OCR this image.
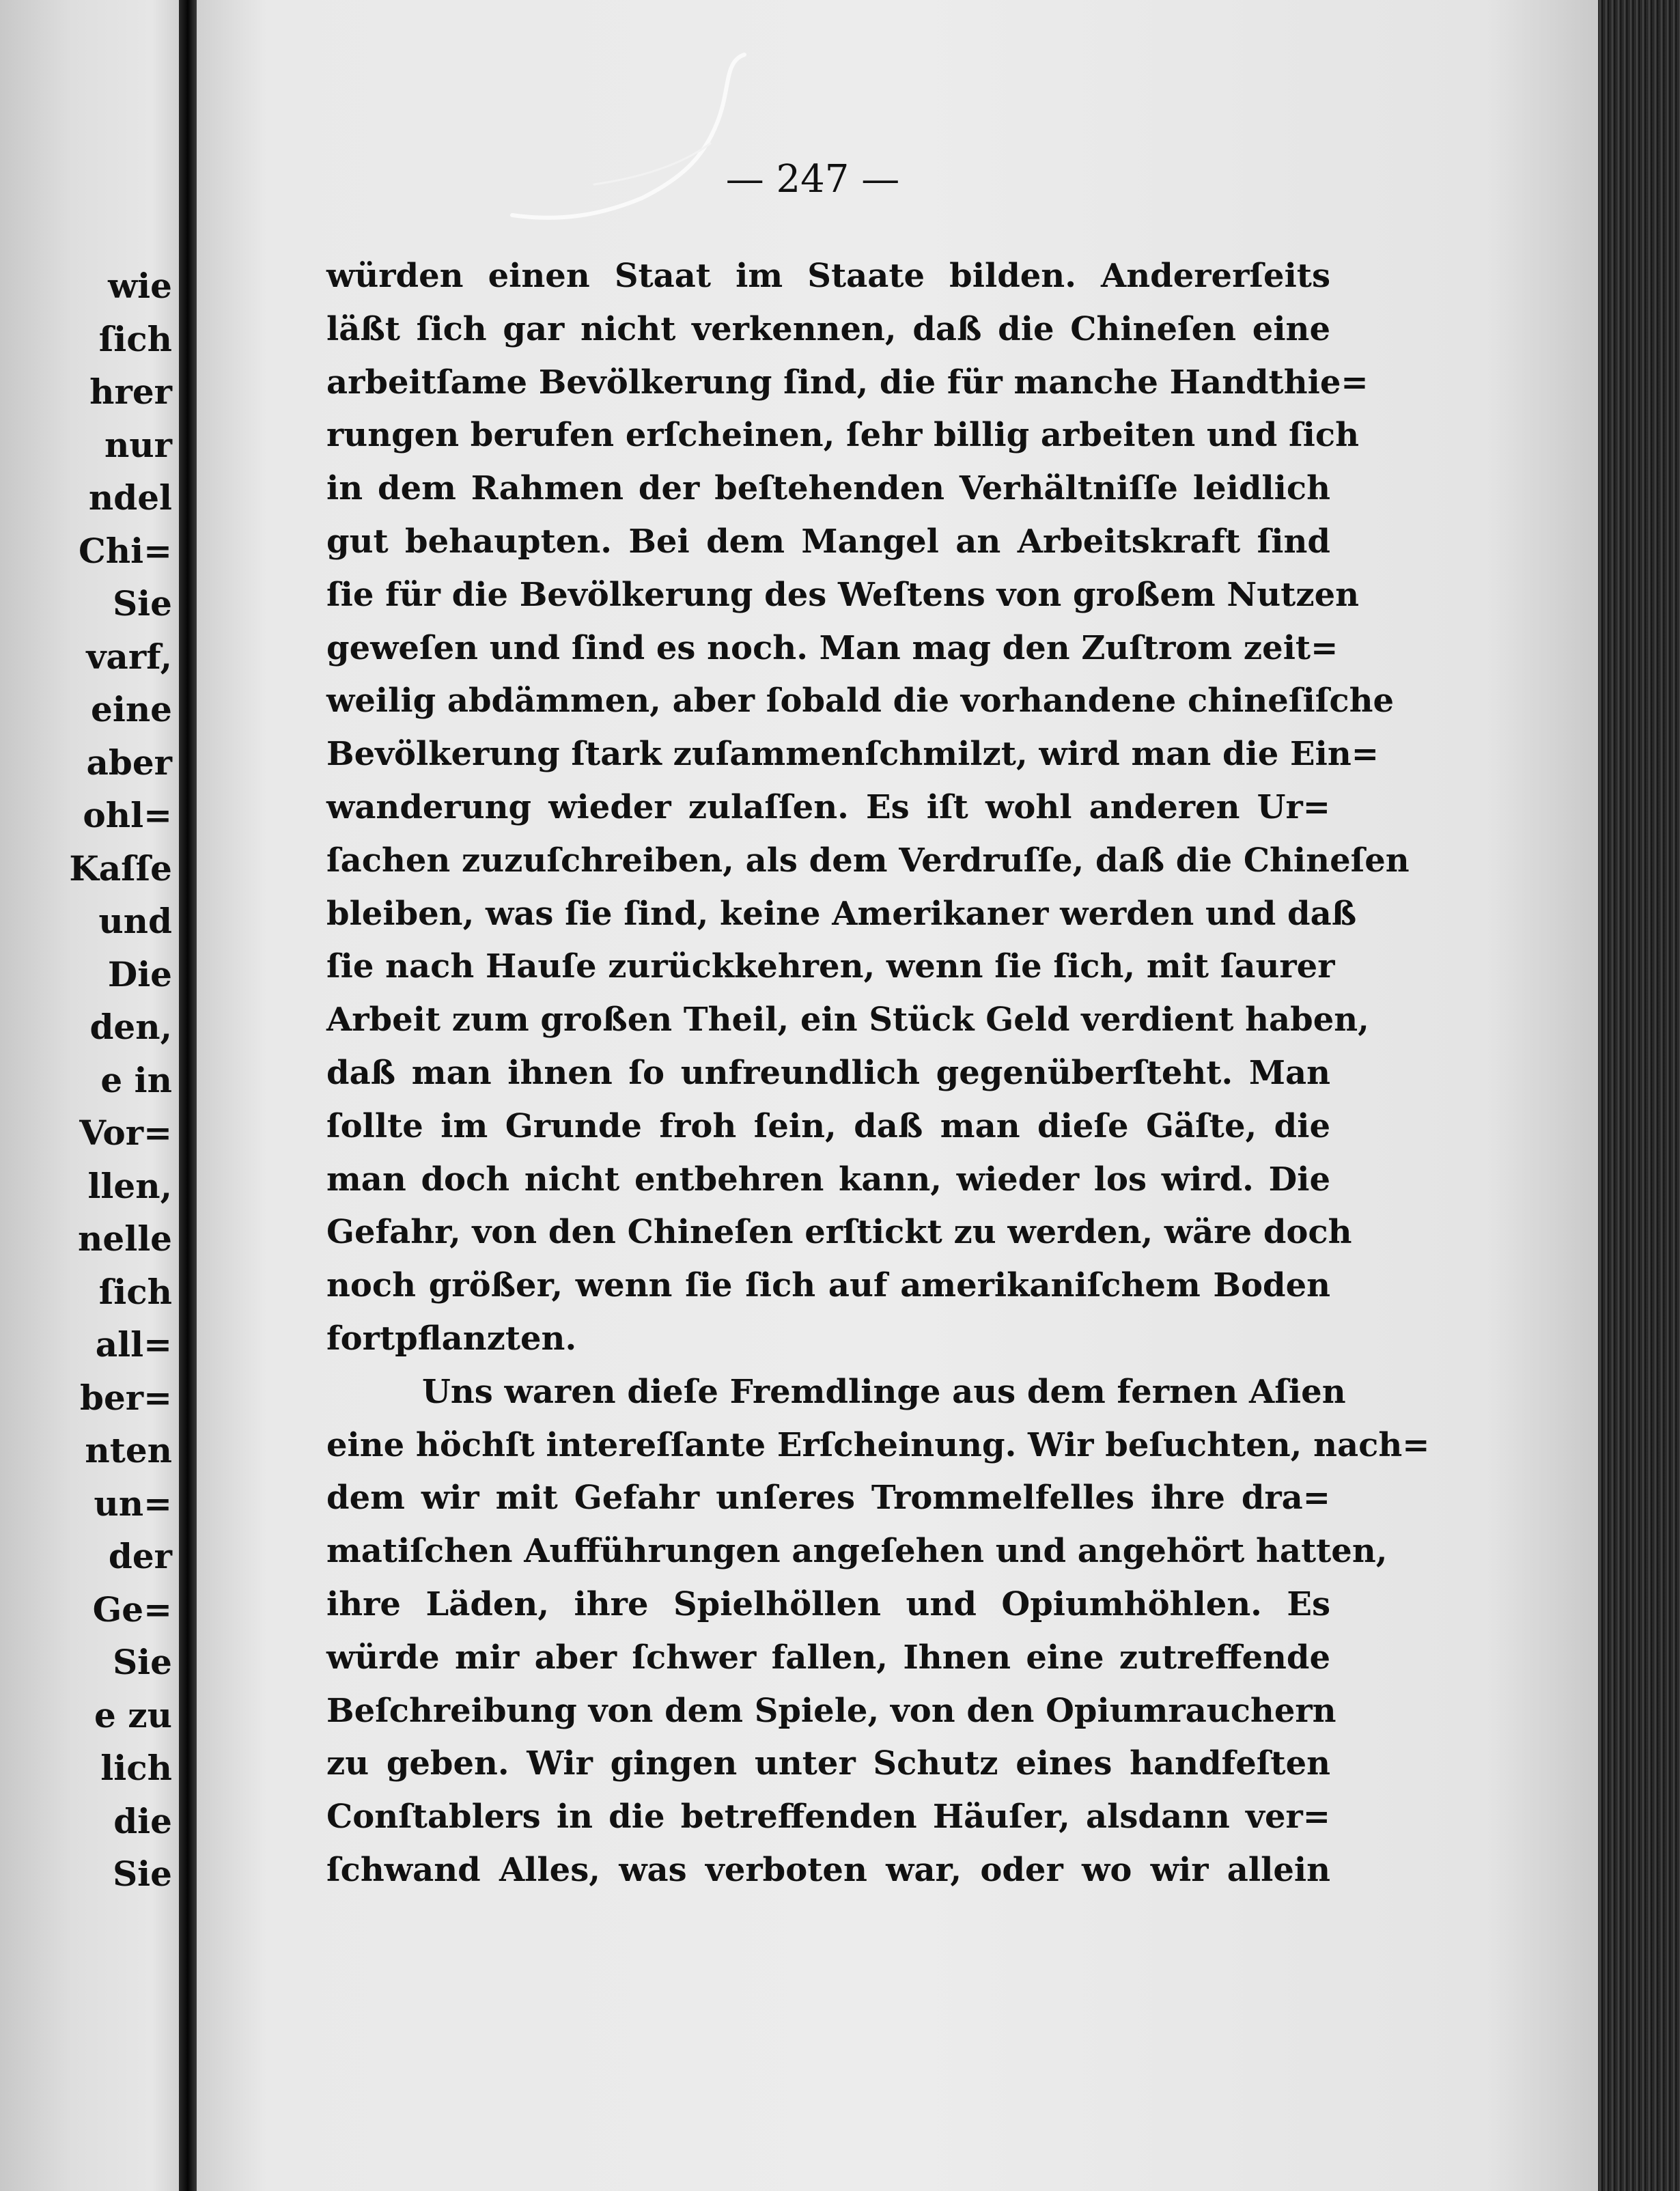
wie
ſich
hrer
nur
ndel
Chi=
Sie
varf,
eine
aber
ohl=
Kaſſe
und
Die
den,
e in
Vor=
llen,
nelle
ſich
all=
ber=
nten
un=
der
Ge=
Sie
e zu
lich
die
Sie
— 247 —
würden einen Staat im Staate bilden. Andererſeits
läßt ſich gar nicht verkennen, daß die Chineſen eine
arbeitſame Bevölkerung ſind, die für manche Handthie=
rungen berufen erſcheinen, ſehr billig arbeiten und ſich
in dem Rahmen der beſtehenden Verhältniſſe leidlich
gut behaupten. Bei dem Mangel an Arbeitskraft ſind
ſie für die Bevölkerung des Weſtens von großem Nutzen
geweſen und ſind es noch. Man mag den Zuſtrom zeit=
weilig abdämmen, aber ſobald die vorhandene chineſiſche
Bevölkerung ſtark zuſammenſchmilzt, wird man die Ein=
wanderung wieder zulaſſen. Es iſt wohl anderen Ur=
ſachen zuzuſchreiben, als dem Verdruſſe, daß die Chineſen
bleiben, was ſie ſind, keine Amerikaner werden und daß
ſie nach Hauſe zurückkehren, wenn ſie ſich, mit ſaurer
Arbeit zum großen Theil, ein Stück Geld verdient haben,
daß man ihnen ſo unfreundlich gegenüberſteht. Man
ſollte im Grunde froh ſein, daß man dieſe Gäſte, die
man doch nicht entbehren kann, wieder los wird. Die
Gefahr, von den Chineſen erſtickt zu werden, wäre doch
noch größer, wenn ſie ſich auf amerikaniſchem Boden
fortpflanzten.
Uns waren dieſe Fremdlinge aus dem fernen Aſien
eine höchſt intereſſante Erſcheinung. Wir beſuchten, nach=
dem wir mit Gefahr unſeres Trommelfelles ihre dra=
matiſchen Aufführungen angeſehen und angehört hatten,
ihre Läden, ihre Spielhöllen und Opiumhöhlen. Es
würde mir aber ſchwer fallen, Ihnen eine zutreffende
Beſchreibung von dem Spiele, von den Opiumrauchern
zu geben. Wir gingen unter Schutz eines handfeſten
Conſtablers in die betreffenden Häuſer, alsdann ver=
ſchwand Alles, was verboten war, oder wo wir allein
